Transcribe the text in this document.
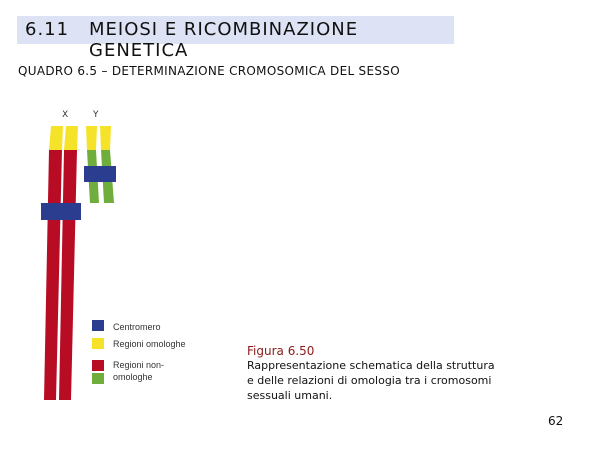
6.11 MEIOSI E RICOMBINAZIONE GENETICA
QUADRO 6.5 – DETERMINAZIONE CROMOSOMICA DEL SESSO
X	Y
Centromero
Regioni omologhe
Regioni non-
omologhe
Figura 6.50
Rappresentazione schematica della struttura
e delle relazioni di omologia tra i cromosomi
sessuali umani.
62
